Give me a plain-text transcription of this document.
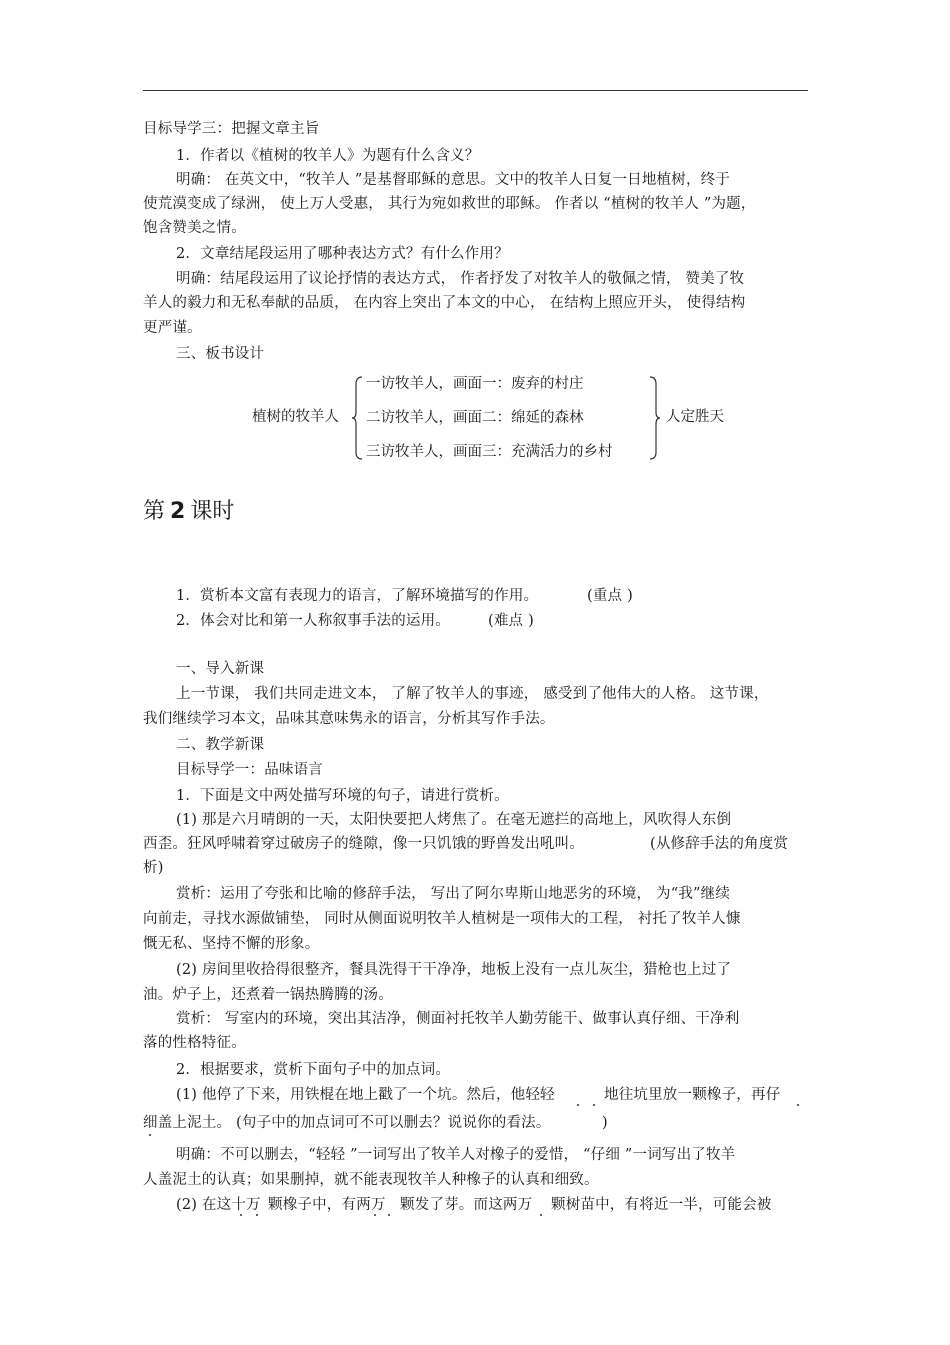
目标导学三：把握文章主旨
1．作者以《植树的牧羊人》为题有什么含义？
明确： 在英文中，“牧羊人 ”是基督耶稣的意思。文中的牧羊人日复一日地植树，终于
使荒漠变成了绿洲， 使上万人受惠， 其行为宛如救世的耶稣。 作者以 “植树的牧羊人 ”为题，
饱含赞美之情。
2．文章结尾段运用了哪种表达方式？有什么作用？
明确：结尾段运用了议论抒情的表达方式， 作者抒发了对牧羊人的敬佩之情， 赞美了牧
羊人的毅力和无私奉献的品质， 在内容上突出了本文的中心， 在结构上照应开头， 使得结构
更严谨。
三、板书设计
植树的牧羊人
一访牧羊人，画面一：废弃的村庄
二访牧羊人，画面二：绵延的森林
三访牧羊人，画面三：充满活力的乡村
人定胜天
第 2 课时
1．赏析本文富有表现力的语言，了解环境描写的作用。	(重点 )
2．体会对比和第一人称叙事手法的运用。	(难点 )
一、导入新课
上一节课， 我们共同走进文本， 了解了牧羊人的事迹， 感受到了他伟大的人格。 这节课，
我们继续学习本文，品味其意味隽永的语言，分析其写作手法。
二、教学新课
目标导学一：品味语言
1．下面是文中两处描写环境的句子，请进行赏析。
(1) 那是六月晴朗的一天，太阳快要把人烤焦了。在毫无遮拦的高地上，风吹得人东倒
西歪。狂风呼啸着穿过破房子的缝隙，像一只饥饿的野兽发出吼叫。	(从修辞手法的角度赏
析)
赏析：运用了夸张和比喻的修辞手法， 写出了阿尔卑斯山地恶劣的环境， 为“我”继续
向前走，寻找水源做铺垫， 同时从侧面说明牧羊人植树是一项伟大的工程， 衬托了牧羊人慷
慨无私、坚持不懈的形象。
(2) 房间里收拾得很整齐，餐具洗得干干净净，地板上没有一点儿灰尘，猎枪也上过了
油。炉子上，还煮着一锅热腾腾的汤。
赏析： 写室内的环境，突出其洁净，侧面衬托牧羊人勤劳能干、做事认真仔细、干净利
落的性格特征。
2．根据要求，赏析下面句子中的加点词。
(1) 他停了下来，用铁棍在地上戳了一个坑。然后，他轻轻	地往坑里放一颗橡子，再仔
细盖上泥土。 (句子中的加点词可不可以删去？说说你的看法。	)
明确：不可以删去，“轻轻 ”一词写出了牧羊人对橡子的爱惜， “仔细 ”一词写出了牧羊
人盖泥土的认真；如果删掉，就不能表现牧羊人种橡子的认真和细致。
(2) 在这十万 颗橡子中，有两万 颗发了芽。而这两万 颗树苗中，有将近一半，可能会被
